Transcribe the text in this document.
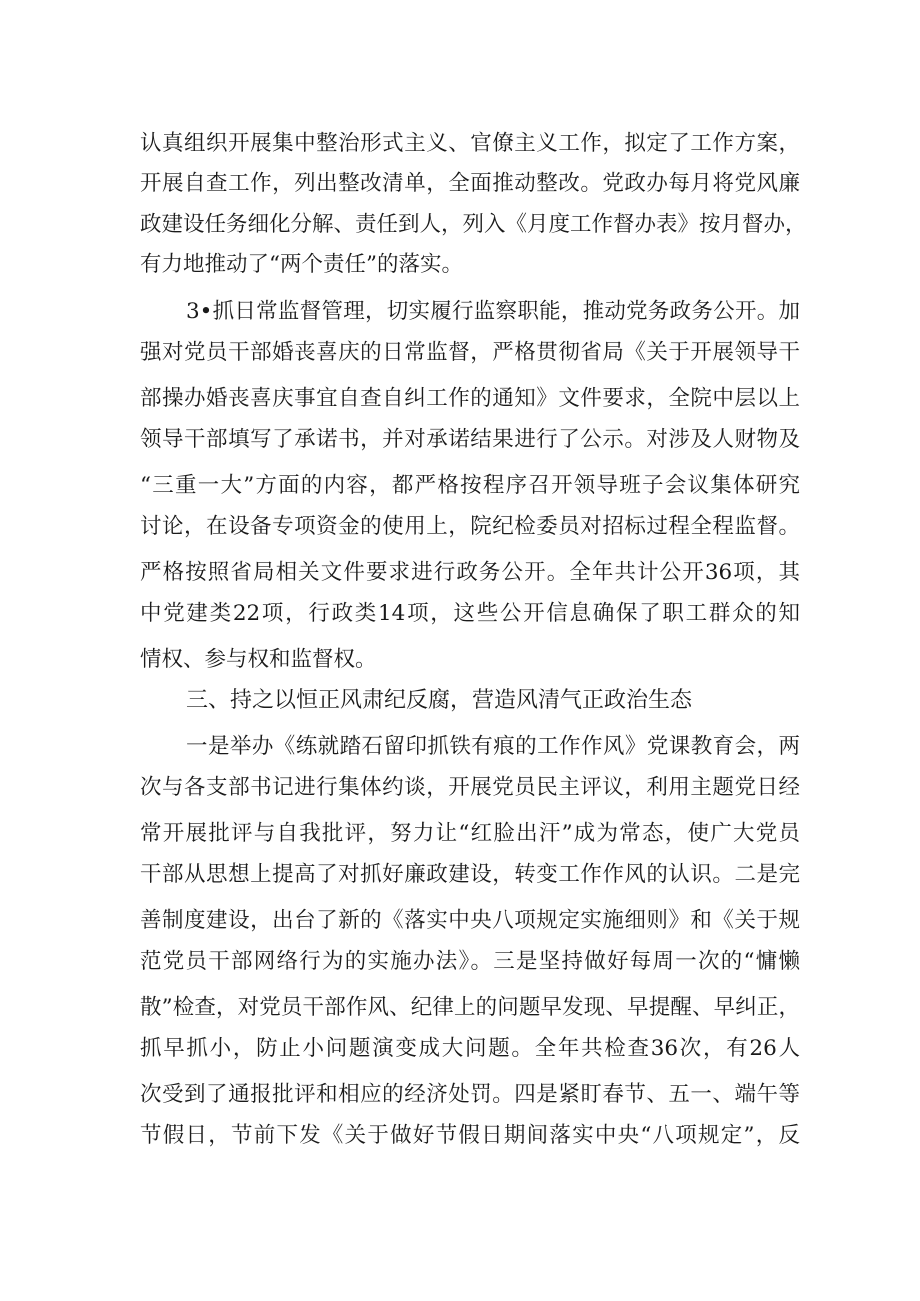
认真组织开展集中整治形式主义、官僚主义工作，拟定了工作方案，
开展自查工作，列出整改清单，全面推动整改。党政办每月将党风廉
政建设任务细化分解、责任到人，列入《月度工作督办表》按月督办，
有力地推动了“两个责任”的落实。
3•抓日常监督管理，切实履行监察职能，推动党务政务公开。加
强对党员干部婚丧喜庆的日常监督，严格贯彻省局《关于开展领导干
部操办婚丧喜庆事宜自查自纠工作的通知》文件要求，全院中层以上
领导干部填写了承诺书，并对承诺结果进行了公示。对涉及人财物及
“三重一大”方面的内容，都严格按程序召开领导班子会议集体研究
讨论，在设备专项资金的使用上，院纪检委员对招标过程全程监督。
严格按照省局相关文件要求进行政务公开。全年共计公开36项，其
中党建类22项，行政类14项，这些公开信息确保了职工群众的知
情权、参与权和监督权。
三、持之以恒正风肃纪反腐，营造风清气正政治生态
一是举办《练就踏石留印抓铁有痕的工作作风》党课教育会，两
次与各支部书记进行集体约谈，开展党员民主评议，利用主题党日经
常开展批评与自我批评，努力让“红脸出汗”成为常态，使广大党员
干部从思想上提高了对抓好廉政建设，转变工作作风的认识。二是完
善制度建设，出台了新的《落实中央八项规定实施细则》和《关于规
范党员干部网络行为的实施办法》。三是坚持做好每周一次的“慵懒
散”检查，对党员干部作风、纪律上的问题早发现、早提醒、早纠正，
抓早抓小，防止小问题演变成大问题。全年共检查36次，有26人
次受到了通报批评和相应的经济处罚。四是紧盯春节、五一、端午等
节假日，节前下发《关于做好节假日期间落实中央“八项规定”，反
